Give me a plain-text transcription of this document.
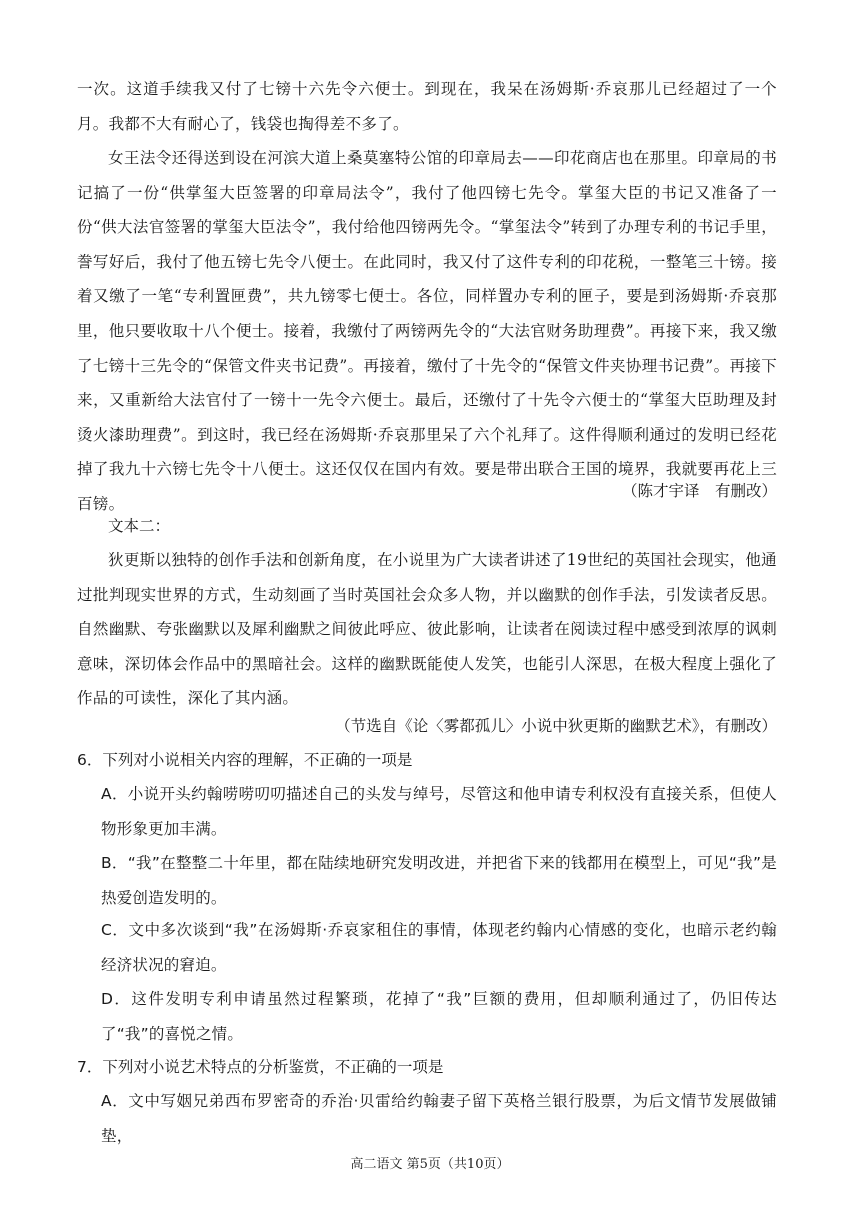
一次。这道手续我又付了七镑十六先令六便士。到现在，我呆在汤姆斯·乔哀那儿已经超过了一个月。我都不大有耐心了，钱袋也掏得差不多了。
女王法令还得送到设在河滨大道上桑莫塞特公馆的印章局去——印花商店也在那里。印章局的书记搞了一份“供掌玺大臣签署的印章局法令”，我付了他四镑七先令。掌玺大臣的书记又准备了一份“供大法官签署的掌玺大臣法令”，我付给他四镑两先令。“掌玺法令”转到了办理专利的书记手里，誊写好后，我付了他五镑七先令八便士。在此同时，我又付了这件专利的印花税，一整笔三十镑。接着又缴了一笔“专利置匣费”，共九镑零七便士。各位，同样置办专利的匣子，要是到汤姆斯·乔哀那里，他只要收取十八个便士。接着，我缴付了两镑两先令的“大法官财务助理费”。再接下来，我又缴了七镑十三先令的“保管文件夹书记费”。再接着，缴付了十先令的“保管文件夹协理书记费”。再接下来，又重新给大法官付了一镑十一先令六便士。最后，还缴付了十先令六便士的“掌玺大臣助理及封烫火漆助理费”。到这时，我已经在汤姆斯·乔哀那里呆了六个礼拜了。这件得顺利通过的发明已经花掉了我九十六镑七先令十八便士。这还仅仅在国内有效。要是带出联合王国的境界，我就要再花上三百镑。
（陈才宇译　有删改）
文本二：
狄更斯以独特的创作手法和创新角度，在小说里为广大读者讲述了19世纪的英国社会现实，他通过批判现实世界的方式，生动刻画了当时英国社会众多人物，并以幽默的创作手法，引发读者反思。自然幽默、夸张幽默以及犀利幽默之间彼此呼应、彼此影响，让读者在阅读过程中感受到浓厚的讽刺意味，深切体会作品中的黑暗社会。这样的幽默既能使人发笑，也能引人深思，在极大程度上强化了作品的可读性，深化了其内涵。
（节选自《论〈雾都孤儿〉小说中狄更斯的幽默艺术》，有删改）
6．下列对小说相关内容的理解，不正确的一项是
A．小说开头约翰唠唠叨叨描述自己的头发与绰号，尽管这和他申请专利权没有直接关系，但使人物形象更加丰满。
B．“我”在整整二十年里，都在陆续地研究发明改进，并把省下来的钱都用在模型上，可见“我”是热爱创造发明的。
C．文中多次谈到“我”在汤姆斯·乔哀家租住的事情，体现老约翰内心情感的变化，也暗示老约翰经济状况的窘迫。
D．这件发明专利申请虽然过程繁琐，花掉了“我”巨额的费用，但却顺利通过了，仍旧传达了“我”的喜悦之情。
7．下列对小说艺术特点的分析鉴赏，不正确的一项是
A．文中写姻兄弟西布罗密奇的乔治·贝雷给约翰妻子留下英格兰银行股票，为后文情节发展做铺垫，
高二语文 第5页（共10页）
